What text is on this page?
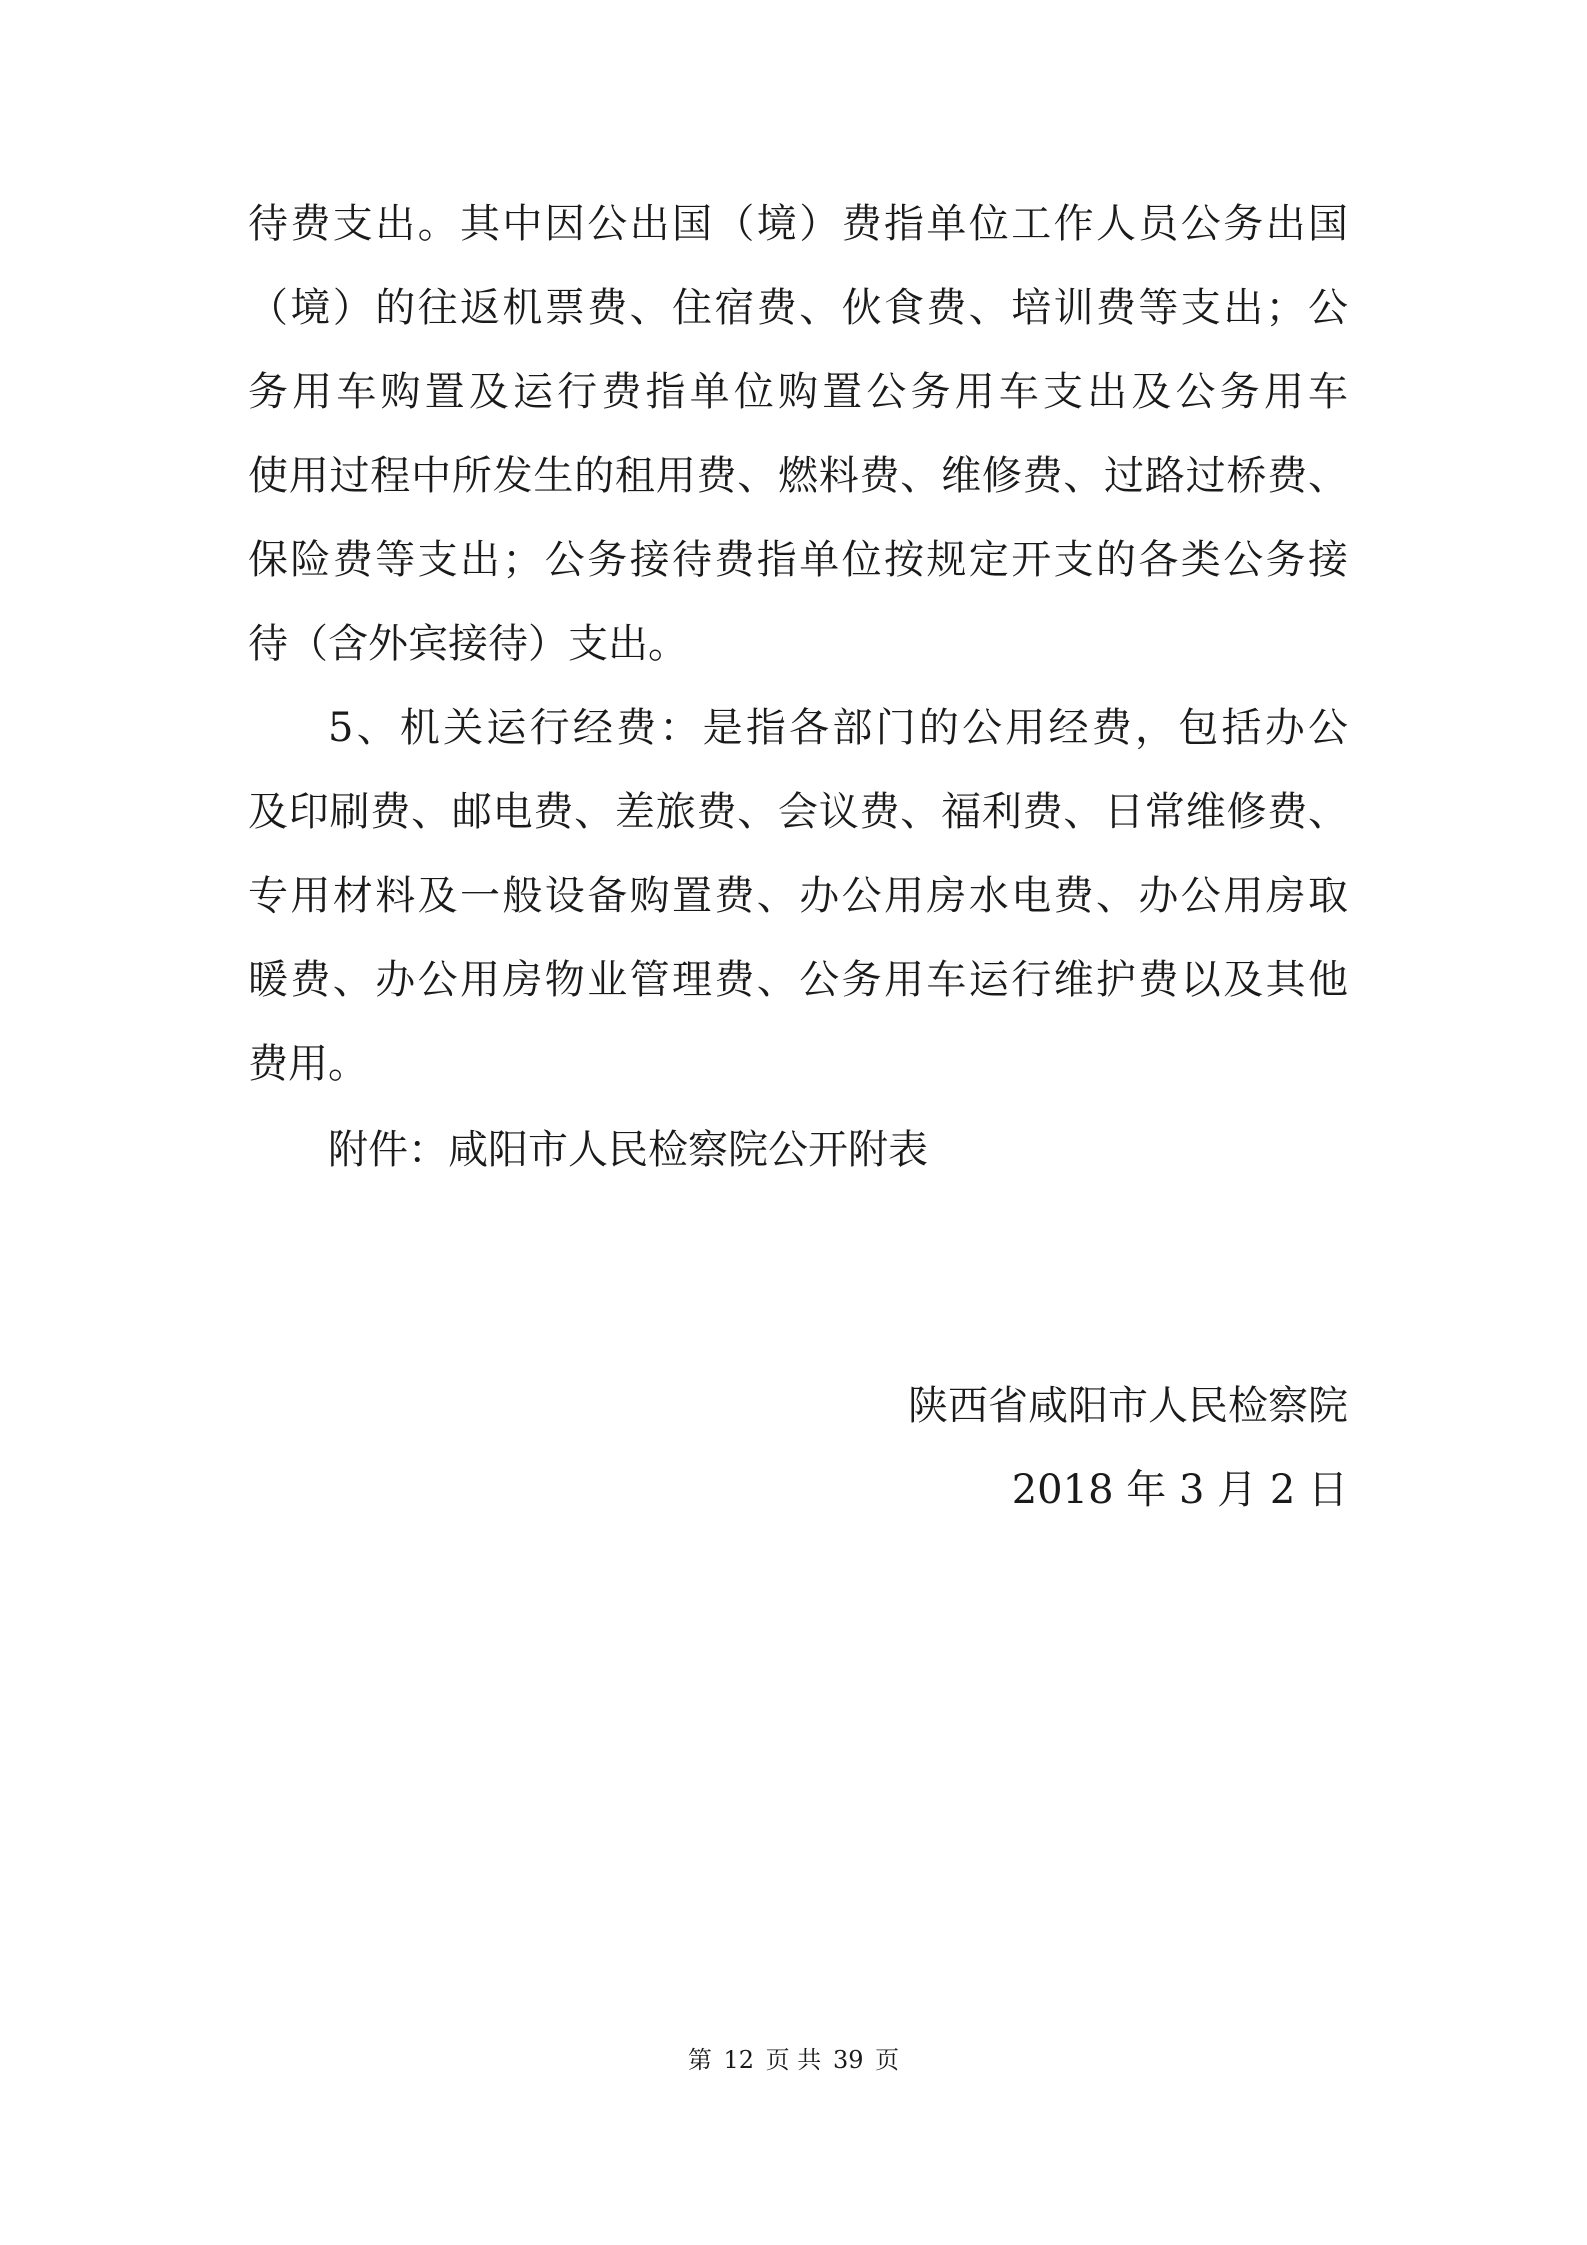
待费支出。其中因公出国（境）费指单位工作人员公务出国
（境）的往返机票费、住宿费、伙食费、培训费等支出；公
务用车购置及运行费指单位购置公务用车支出及公务用车
使用过程中所发生的租用费、燃料费、维修费、过路过桥费、
保险费等支出；公务接待费指单位按规定开支的各类公务接
待（含外宾接待）支出。
5、机关运行经费：是指各部门的公用经费，包括办公
及印刷费、邮电费、差旅费、会议费、福利费、日常维修费、
专用材料及一般设备购置费、办公用房水电费、办公用房取
暖费、办公用房物业管理费、公务用车运行维护费以及其他
费用。
附件：咸阳市人民检察院公开附表
陕西省咸阳市人民检察院
2018 年 3 月 2 日
第 12 页 共 39 页
